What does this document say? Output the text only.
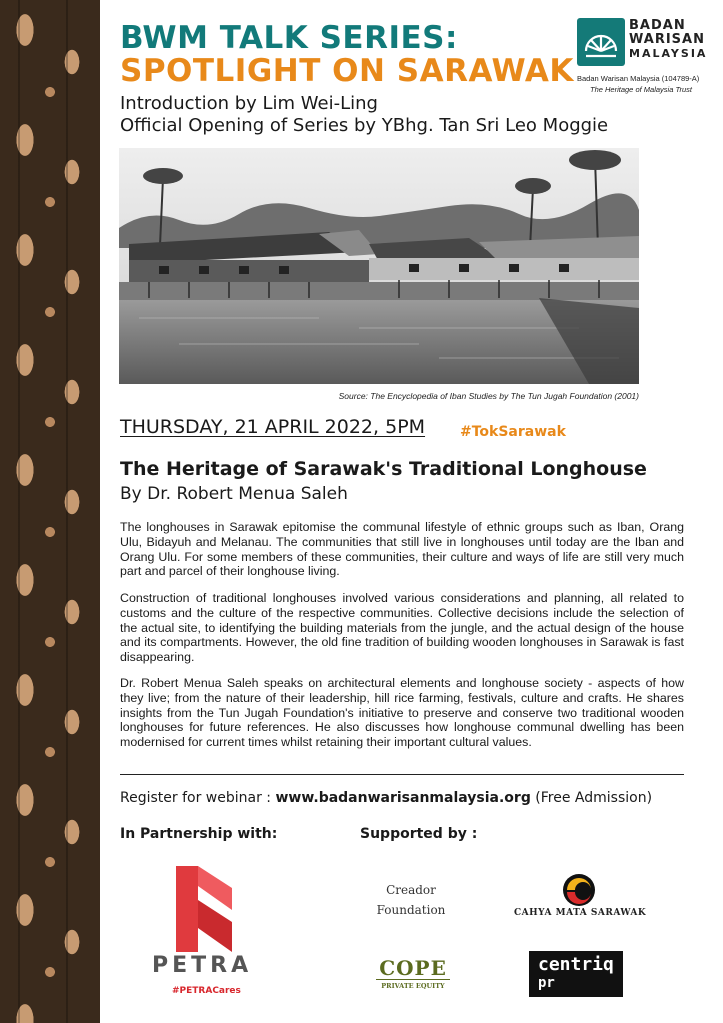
BWM TALK SERIES:
SPOTLIGHT ON SARAWAK
Introduction by Lim Wei-Ling
Official Opening of Series by YBhg. Tan Sri Leo Moggie
BADAN
WARISAN
MALAYSIA
Badan Warisan Malaysia (104789-A)
The Heritage of Malaysia Trust
Source: The Encyclopedia of Iban Studies by The Tun Jugah Foundation (2001)
THURSDAY, 21 APRIL 2022, 5PM #TokSarawak
The Heritage of Sarawak's Traditional Longhouse
By Dr. Robert Menua Saleh
The longhouses in Sarawak epitomise the communal lifestyle of ethnic groups such as Iban, Orang Ulu, Bidayuh and Melanau. The communities that still live in longhouses until today are the Iban and Orang Ulu. For some members of these communities, their culture and ways of life are still very much part and parcel of their longhouse living.
Construction of traditional longhouses involved various considerations and planning, all related to customs and the culture of the respective communities. Collective decisions include the selection of the actual site, to identifying the building materials from the jungle, and the actual design of the house and its compartments. However, the old fine tradition of building wooden longhouses in Sarawak is fast disappearing.
Dr. Robert Menua Saleh speaks on architectural elements and longhouse society - aspects of how they live; from the nature of their leadership, hill rice farming, festivals, culture and crafts. He shares insights from the Tun Jugah Foundation's initiative to preserve and conserve two traditional wooden longhouses for future references. He also discusses how longhouse communal dwelling has been modernised for current times whilst retaining their important cultural values.
Register for webinar : www.badanwarisanmalaysia.org (Free Admission)
In Partnership with:	Supported by :
PETRA
#PETRACares
Creador
Foundation	CAHYA MATA SARAWAK
COPE
PRIVATE EQUITY
centriq
pr
